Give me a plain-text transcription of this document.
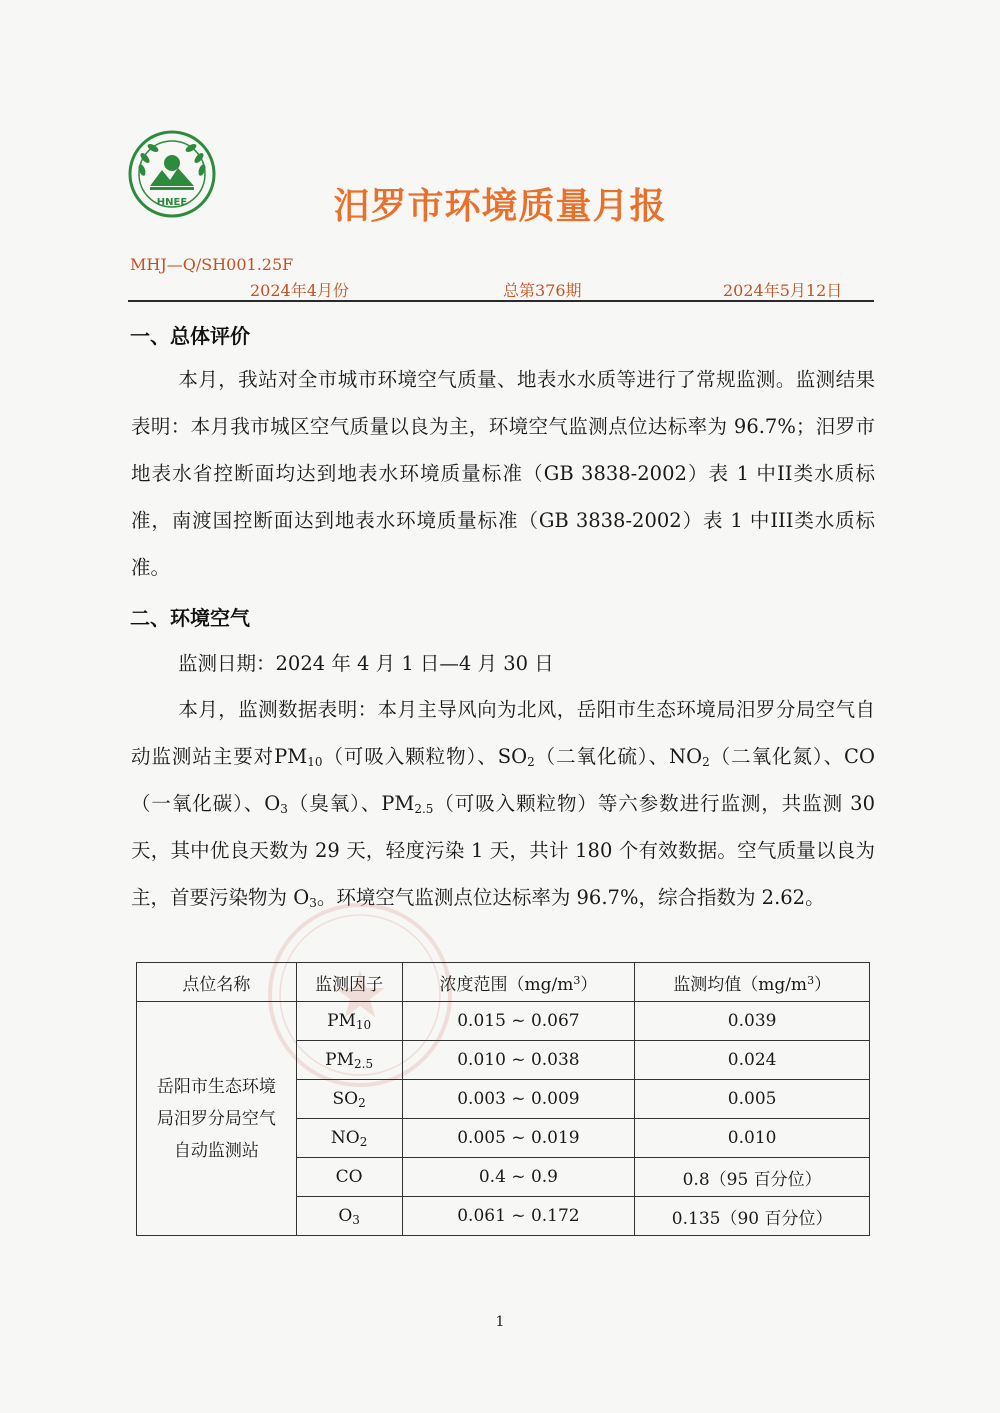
HNEE	汨罗市环境质量月报
MHJ—Q/SH001.25F
2024年4月份	总第376期	2024年5月12日
一、总体评价
本月，我站对全市城市环境空气质量、地表水水质等进行了常规监测。监测结果表明：本月我市城区空气质量以良为主，环境空气监测点位达标率为 96.7%；汨罗市地表水省控断面均达到地表水环境质量标准（GB 3838-2002）表 1 中II类水质标准，南渡国控断面达到地表水环境质量标准（GB 3838-2002）表 1 中III类水质标准。
二、环境空气
监测日期：2024 年 4 月 1 日—4 月 30 日
本月，监测数据表明：本月主导风向为北风，岳阳市生态环境局汨罗分局空气自动监测站主要对$PM_{10}$（可吸入颗粒物）、$SO_2$（二氧化硫）、$NO_2$（二氧化氮）、CO（一氧化碳）、$O_3$（臭氧）、$PM_{2.5}$（可吸入颗粒物）等六参数进行监测，共监测 30 天，其中优良天数为 29 天，轻度污染 1 天，共计 180 个有效数据。空气质量以良为主，首要污染物为 $O_3$。环境空气监测点位达标率为 96.7%，综合指数为 2.62。
点位名称	监测因子	浓度范围$(mg/m^3)$	监测均值$(mg/m^3)$

岳阳市生态环境
局汨罗分局空气
自动监测站	$PM_{10}$	0.015 ~ 0.067	0.039
	$PM_{2.5}$	0.010 ~ 0.038	0.024
	$SO_2$	0.003 ~ 0.009	0.005
	$NO_2$	0.005 ~ 0.019	0.010
	CO	0.4 ~ 0.9	0.8（95 百分位）
	$O_3$	0.061 ~ 0.172	0.135（90 百分位）
1
